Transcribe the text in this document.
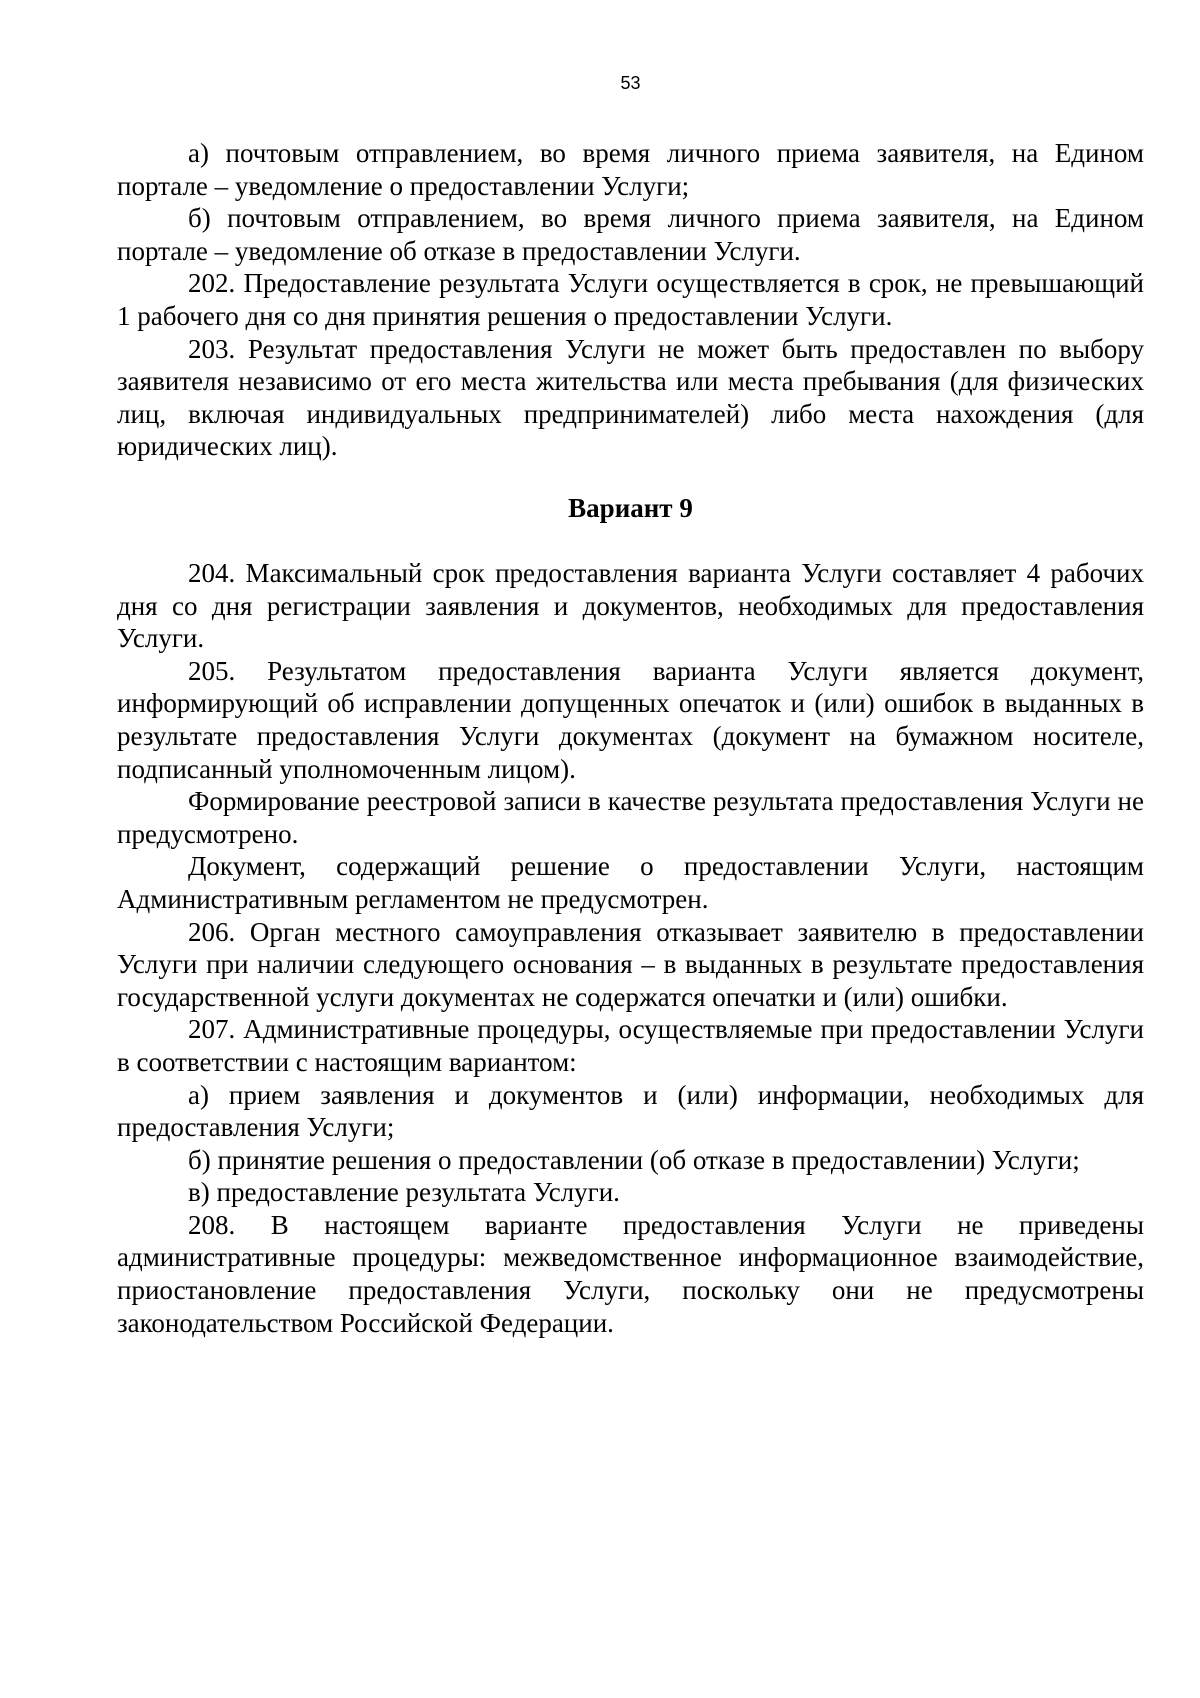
53

а) почтовым отправлением, во время личного приема заявителя, на Едином портале – уведомление о предоставлении Услуги;

б) почтовым отправлением, во время личного приема заявителя, на Едином портале – уведомление об отказе в предоставлении Услуги.

202. Предоставление результата Услуги осуществляется в срок, не превышающий 1 рабочего дня со дня принятия решения о предоставлении Услуги.

203. Результат предоставления Услуги не может быть предоставлен по выбору заявителя независимо от его места жительства или места пребывания (для физических лиц, включая индивидуальных предпринимателей) либо места нахождения (для юридических лиц).

Вариант 9

204. Максимальный срок предоставления варианта Услуги составляет 4 рабочих дня со дня регистрации заявления и документов, необходимых для предоставления Услуги.

205. Результатом предоставления варианта Услуги является документ, информирующий об исправлении допущенных опечаток и (или) ошибок в выданных в результате предоставления Услуги документах (документ на бумажном носителе, подписанный уполномоченным лицом).

Формирование реестровой записи в качестве результата предоставления Услуги не предусмотрено.

Документ, содержащий решение о предоставлении Услуги, настоящим Административным регламентом не предусмотрен.

206. Орган местного самоуправления отказывает заявителю в предоставлении Услуги при наличии следующего основания – в выданных в результате предоставления государственной услуги документах не содержатся опечатки и (или) ошибки.

207. Административные процедуры, осуществляемые при предоставлении Услуги в соответствии с настоящим вариантом:

а) прием заявления и документов и (или) информации, необходимых для предоставления Услуги;

б) принятие решения о предоставлении (об отказе в предоставлении) Услуги;

в) предоставление результата Услуги.

208. В настоящем варианте предоставления Услуги не приведены административные процедуры: межведомственное информационное взаимодействие, приостановление предоставления Услуги, поскольку они не предусмотрены законодательством Российской Федерации.
